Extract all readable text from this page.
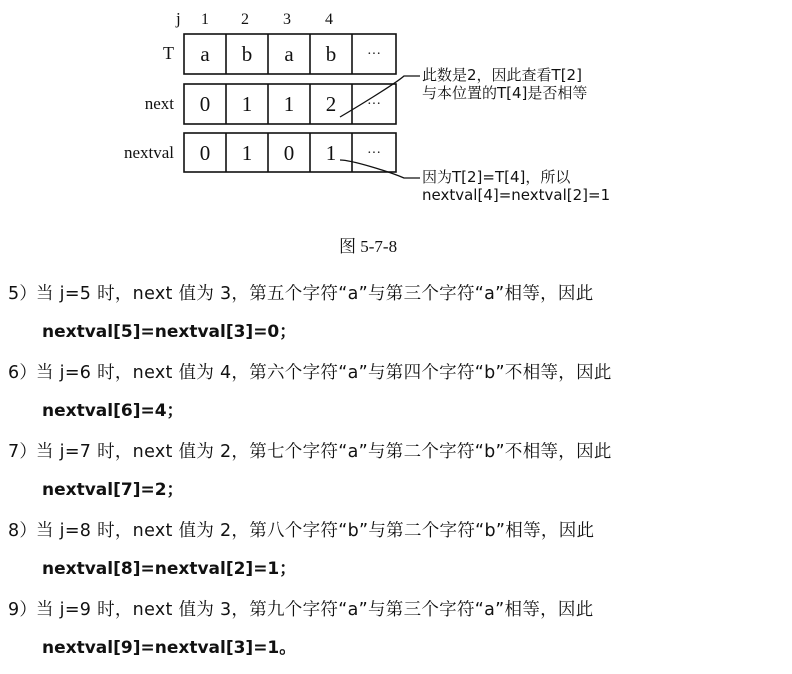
j 1 2 3 4
T
next
nextval
a b a b ···
0 1 1 2 ···
0 1 0 1 ···
此数是2，因此查看T[2]
与本位置的T[4]是否相等
因为T[2]=T[4]，所以
nextval[4]=nextval[2]=1
图 5-7-8
5）当 j=5 时，next 值为 3，第五个字符“a”与第三个字符“a”相等，因此
nextval[5]=nextval[3]=0；
6）当 j=6 时，next 值为 4，第六个字符“a”与第四个字符“b”不相等，因此
nextval[6]=4；
7）当 j=7 时，next 值为 2，第七个字符“a”与第二个字符“b”不相等，因此
nextval[7]=2；
8）当 j=8 时，next 值为 2，第八个字符“b”与第二个字符“b”相等，因此
nextval[8]=nextval[2]=1；
9）当 j=9 时，next 值为 3，第九个字符“a”与第三个字符“a”相等，因此
nextval[9]=nextval[3]=1。
